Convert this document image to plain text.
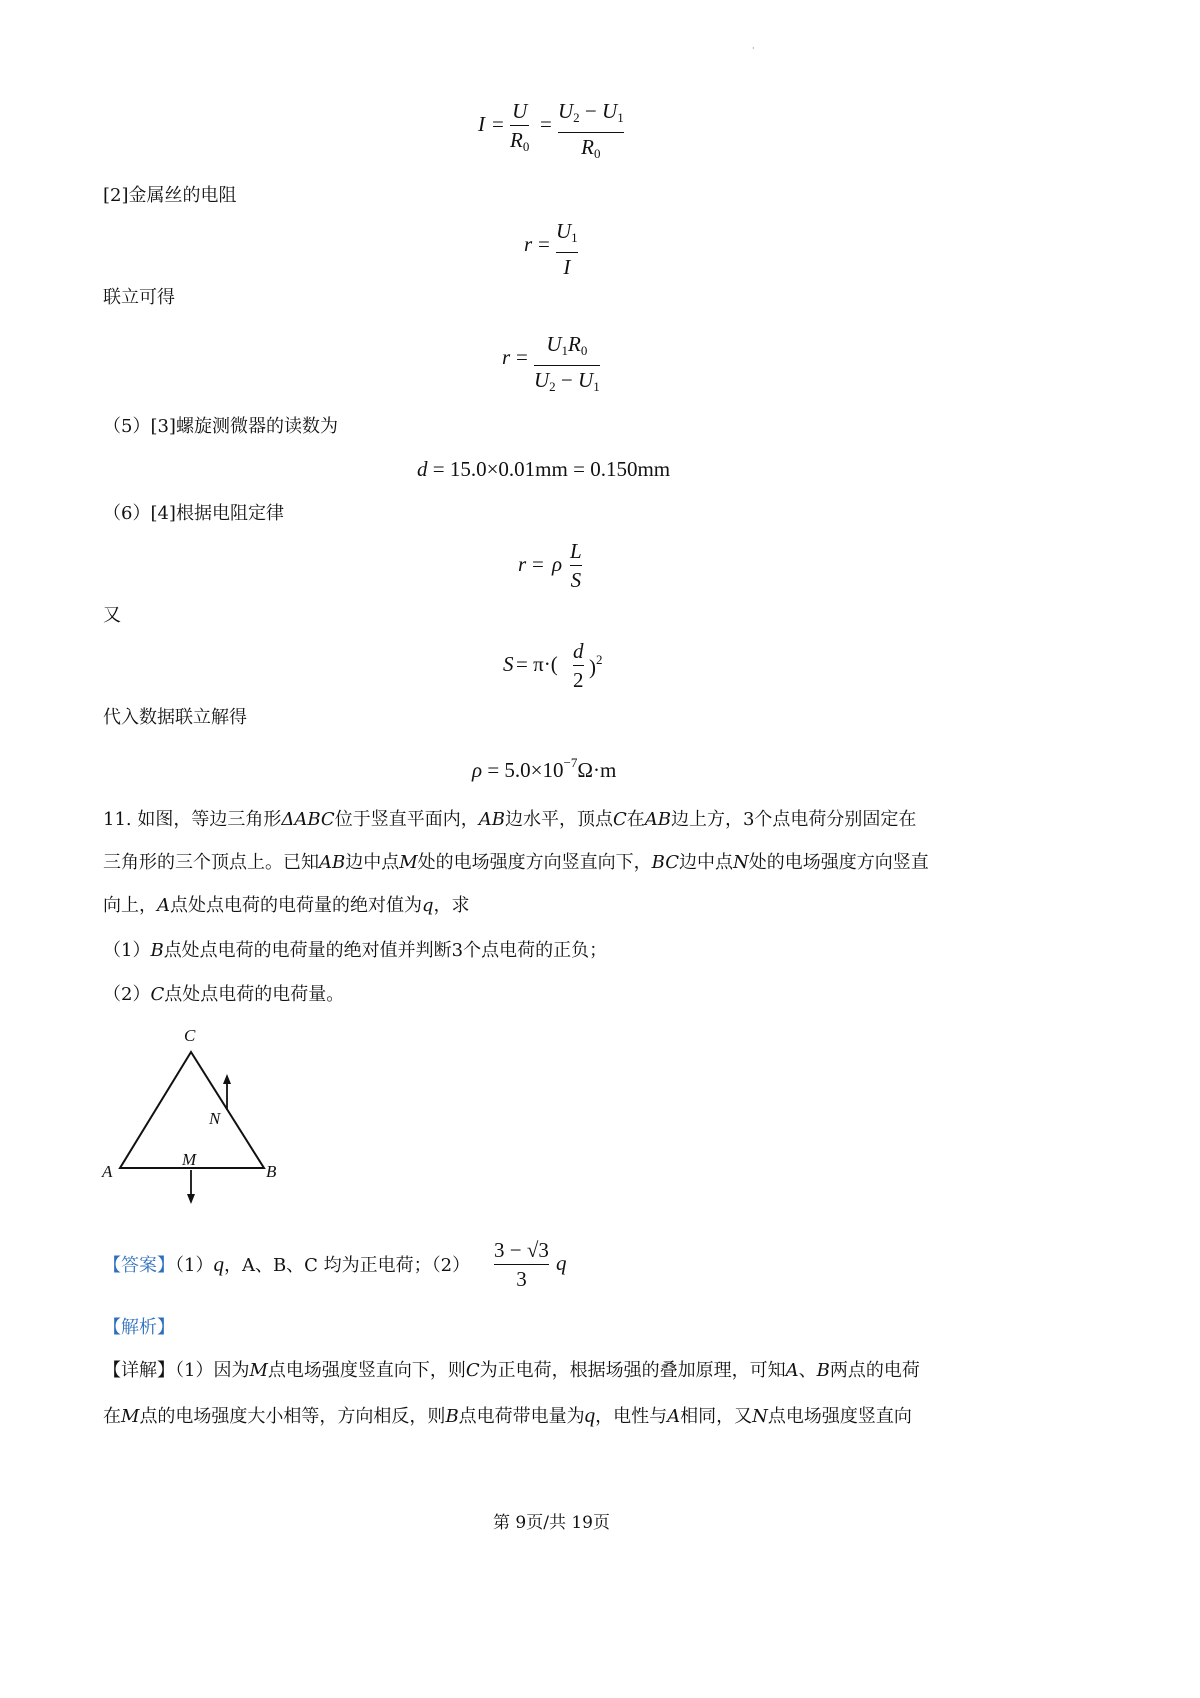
·
I =
U
$R_0$
=
$U_2 - U_1$
$R_0$
[2]金属丝的电阻
r =
$U_1$
I
联立可得
r =
$U_1R_0$
$U_2 - U_1$
（5）[3]螺旋测微器的读数为
d = 15.0×0.01mm = 0.150mm
（6）[4]根据电阻定律
r = ρ
L
S
又
S = π·(
d
2
)$^2$
代入数据联立解得
$\rho = 5.0\times 10^{-7}\Omega\cdot m$
11. 如图，等边三角形ΔABC位于竖直平面内，AB边水平，顶点C在AB边上方，3个点电荷分别固定在
三角形的三个顶点上。已知AB边中点M处的电场强度方向竖直向下，BC边中点N处的电场强度方向竖直
向上，A点处点电荷的电荷量的绝对值为q，求
（1）B点处点电荷的电荷量的绝对值并判断3个点电荷的正负；
（2）C点处点电荷的电荷量。
C
N
A
M
B
【答案】（1）q，A、B、C 均为正电荷；（2）
3 − √3
3
q
【解析】
【详解】（1）因为M点电场强度竖直向下，则C为正电荷，根据场强的叠加原理，可知A、B两点的电荷
在M点的电场强度大小相等，方向相反，则B点电荷带电量为q，电性与A相同，又N点电场强度竖直向
第 9页/共 19页
